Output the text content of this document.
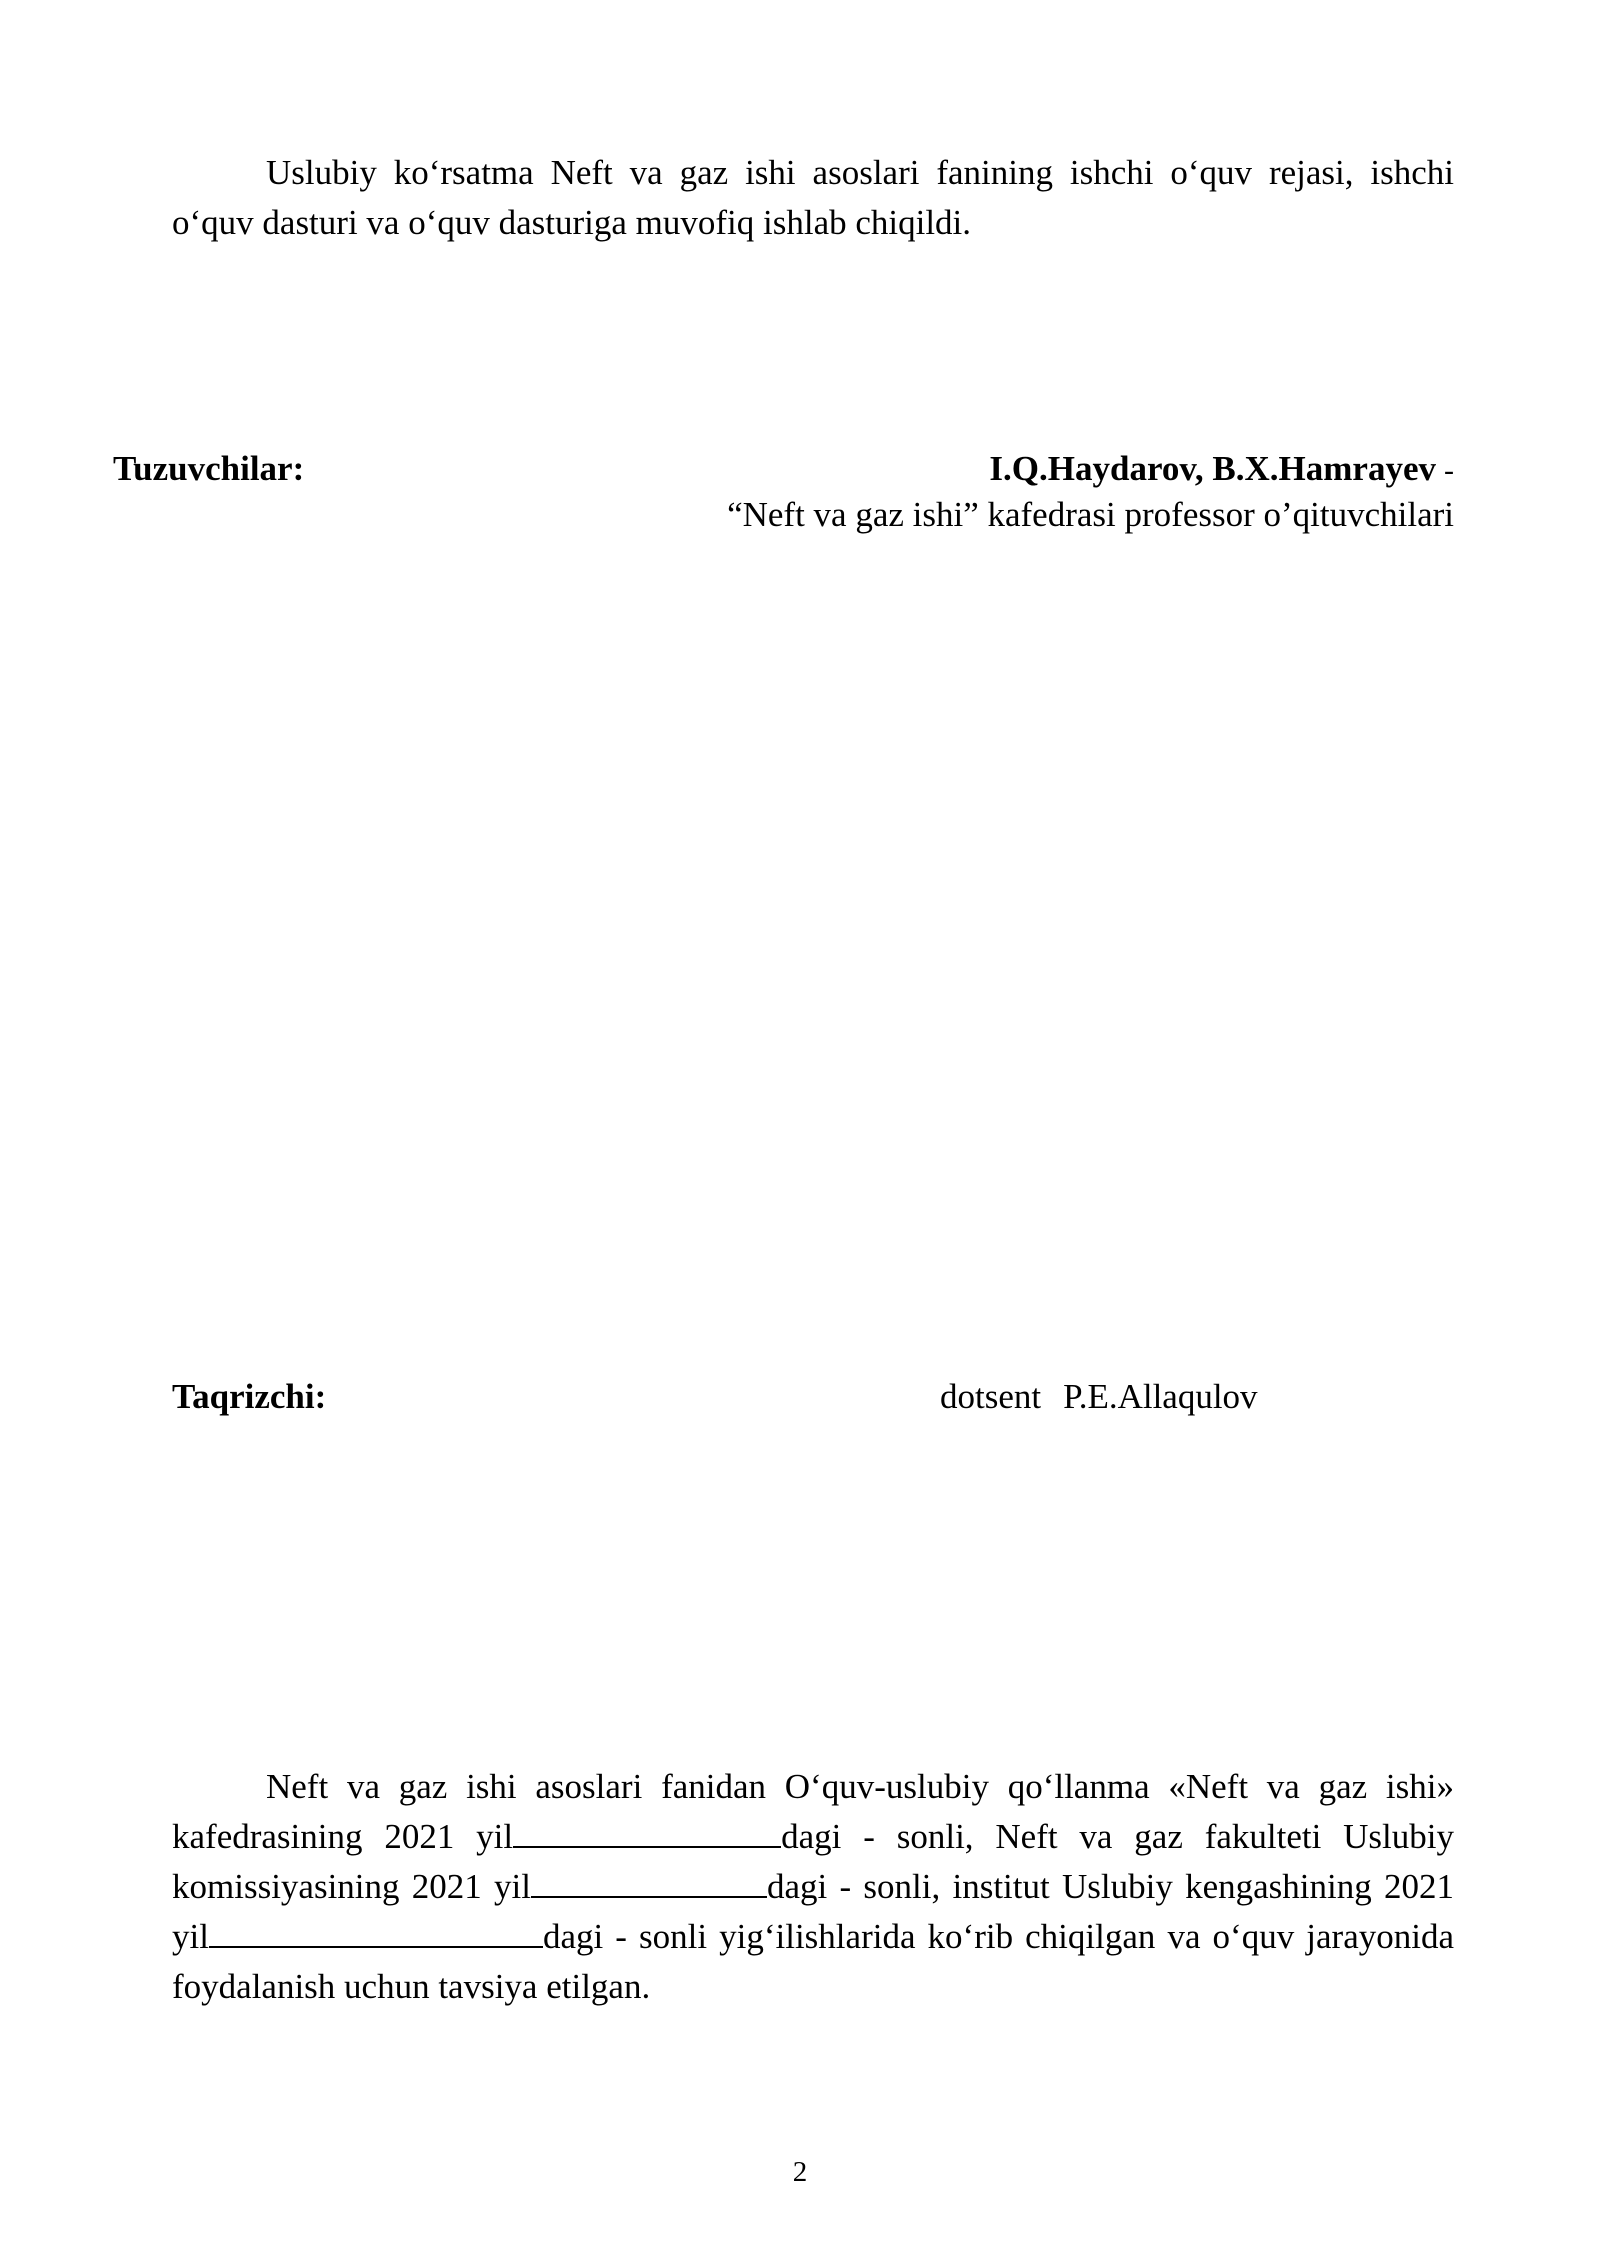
Uslubiy ko‘rsatma Neft va gaz ishi asoslari fanining ishchi o‘quv rejasi, ishchi o‘quv dasturi va o‘quv dasturiga muvofiq ishlab chiqildi.

Tuzuvchilar:	I.Q.Haydarov, B.X.Hamrayev -
“Neft va gaz ishi” kafedrasi professor o’qituvchilari

Taqrizchi:	dotsent P.E.Allaqulov

Neft va gaz ishi asoslari fanidan O‘quv-uslubiy qo‘llanma «Neft va gaz ishi» kafedrasining 2021 yil	dagi - sonli, Neft va gaz fakulteti Uslubiy komissiyasining 2021 yil	dagi - sonli, institut Uslubiy kengashining 2021 yil	dagi - sonli yig‘ilishlarida ko‘rib chiqilgan va o‘quv jarayonida foydalanish uchun tavsiya etilgan.

2
